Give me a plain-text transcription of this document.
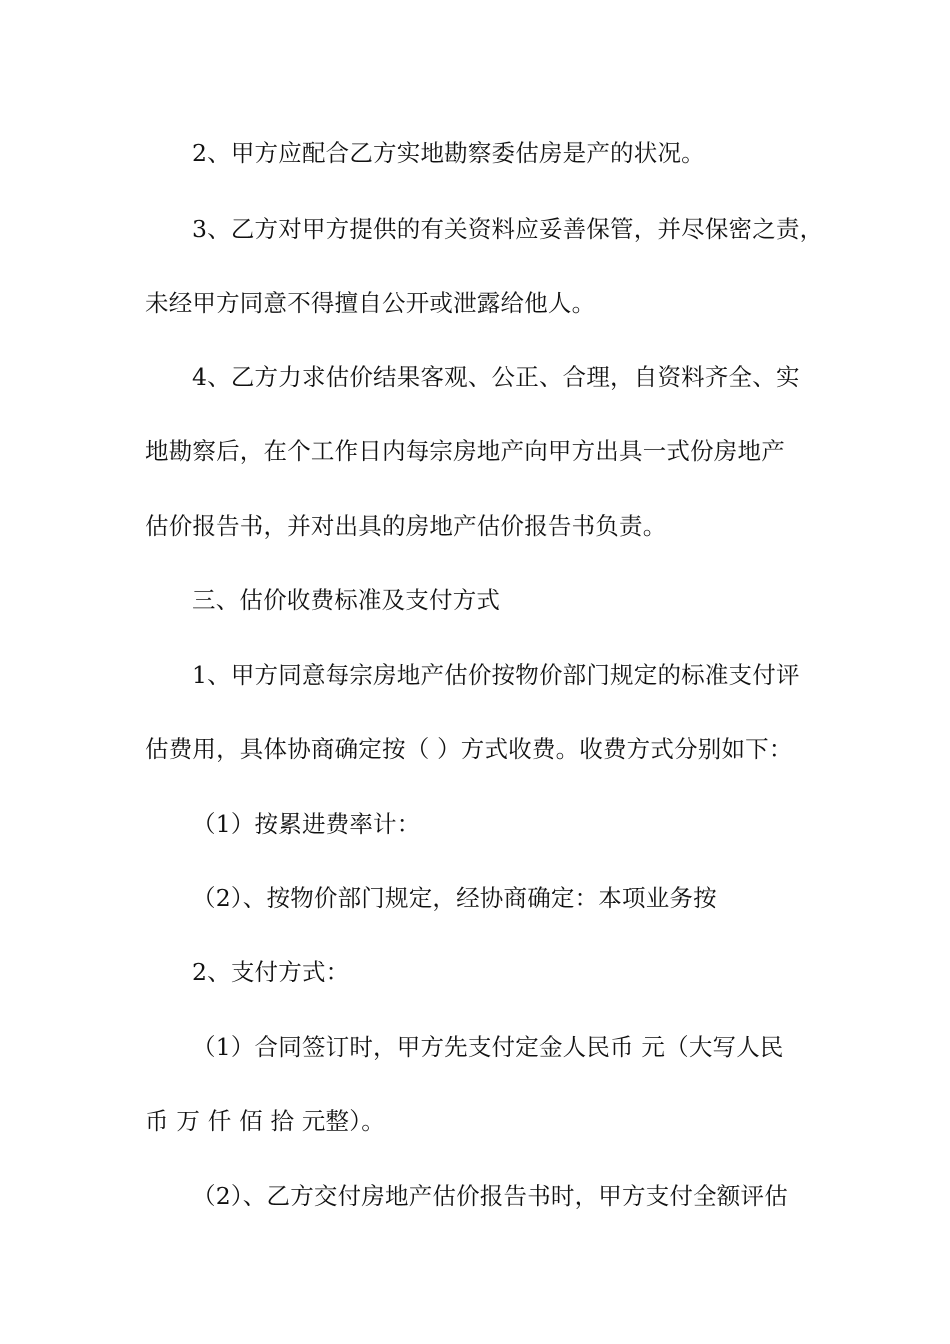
2、甲方应配合乙方实地勘察委估房是产的状况。
3、乙方对甲方提供的有关资料应妥善保管，并尽保密之责，
未经甲方同意不得擅自公开或泄露给他人。
4、乙方力求估价结果客观、公正、合理，自资料齐全、实
地勘察后，在个工作日内每宗房地产向甲方出具一式份房地产
估价报告书，并对出具的房地产估价报告书负责。
三、估价收费标准及支付方式
1、甲方同意每宗房地产估价按物价部门规定的标准支付评
估费用，具体协商确定按（ ）方式收费。收费方式分别如下：
（1）按累进费率计：
（2）、按物价部门规定，经协商确定：本项业务按
2、支付方式：
（1）合同签订时，甲方先支付定金人民币 元（大写人民
币 万 仟 佰 拾 元整）。
（2）、乙方交付房地产估价报告书时，甲方支付全额评估
